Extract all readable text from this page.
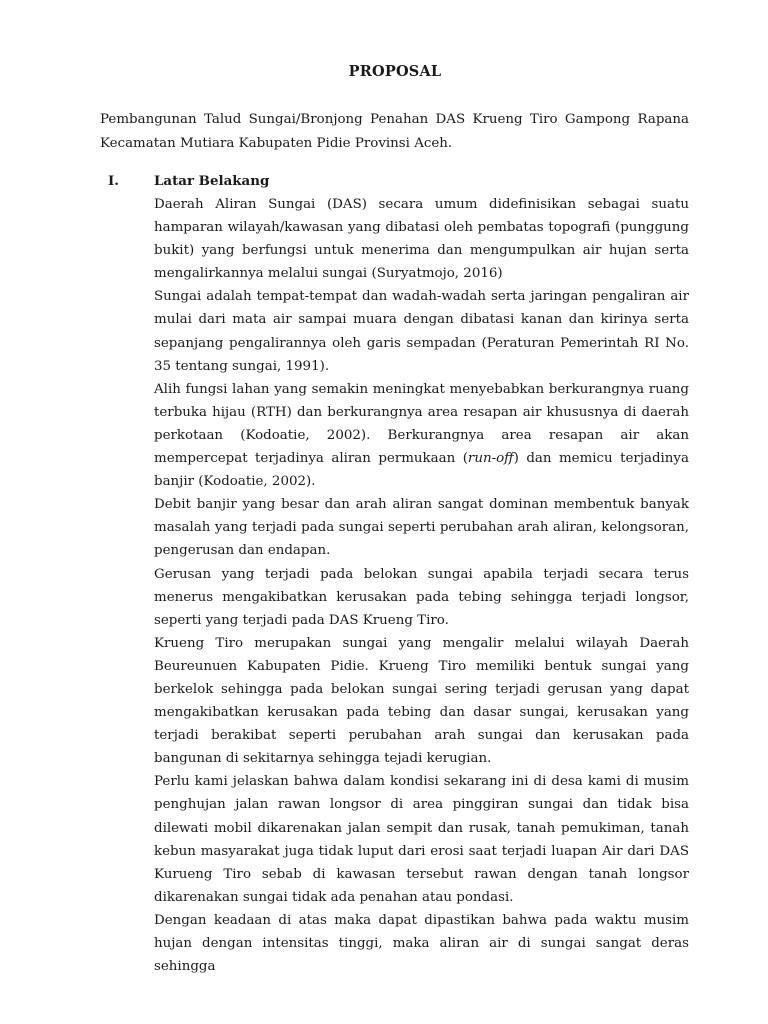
PROPOSAL
Pembangunan Talud Sungai/Bronjong Penahan DAS Krueng Tiro Gampong Rapana Kecamatan Mutiara Kabupaten Pidie Provinsi Aceh.
I.	Latar Belakang

Daerah Aliran Sungai (DAS) secara umum didefinisikan sebagai suatu hamparan wilayah/kawasan yang dibatasi oleh pembatas topografi (punggung bukit) yang berfungsi untuk menerima dan mengumpulkan air hujan serta mengalirkannya melalui sungai (Suryatmojo, 2016)

Sungai adalah tempat-tempat dan wadah-wadah serta jaringan pengaliran air mulai dari mata air sampai muara dengan dibatasi kanan dan kirinya serta sepanjang pengalirannya oleh garis sempadan (Peraturan Pemerintah RI No. 35 tentang sungai, 1991).

Alih fungsi lahan yang semakin meningkat menyebabkan berkurangnya ruang terbuka hijau (RTH) dan berkurangnya area resapan air khususnya di daerah perkotaan (Kodoatie, 2002). Berkurangnya area resapan air akan mempercepat terjadinya aliran permukaan (run-off) dan memicu terjadinya banjir (Kodoatie, 2002).

Debit banjir yang besar dan arah aliran sangat dominan membentuk banyak masalah yang terjadi pada sungai seperti perubahan arah aliran, kelongsoran, pengerusan dan endapan.

Gerusan yang terjadi pada belokan sungai apabila terjadi secara terus menerus mengakibatkan kerusakan pada tebing sehingga terjadi longsor, seperti yang terjadi pada DAS Krueng Tiro.

Krueng Tiro merupakan sungai yang mengalir melalui wilayah Daerah Beureunuen Kabupaten Pidie. Krueng Tiro memiliki bentuk sungai yang berkelok sehingga pada belokan sungai sering terjadi gerusan yang dapat mengakibatkan kerusakan pada tebing dan dasar sungai, kerusakan yang terjadi berakibat seperti perubahan arah sungai dan kerusakan pada bangunan di sekitarnya sehingga tejadi kerugian.

Perlu kami jelaskan bahwa dalam kondisi sekarang ini di desa kami di musim penghujan jalan rawan longsor di area pinggiran sungai dan tidak bisa dilewati mobil dikarenakan jalan sempit dan rusak, tanah pemukiman, tanah kebun masyarakat juga tidak luput dari erosi saat terjadi luapan Air dari DAS Kurueng Tiro sebab di kawasan tersebut rawan dengan tanah longsor dikarenakan sungai tidak ada penahan atau pondasi.

Dengan keadaan di atas maka dapat dipastikan bahwa pada waktu musim hujan dengan intensitas tinggi, maka aliran air di sungai sangat deras sehingga
